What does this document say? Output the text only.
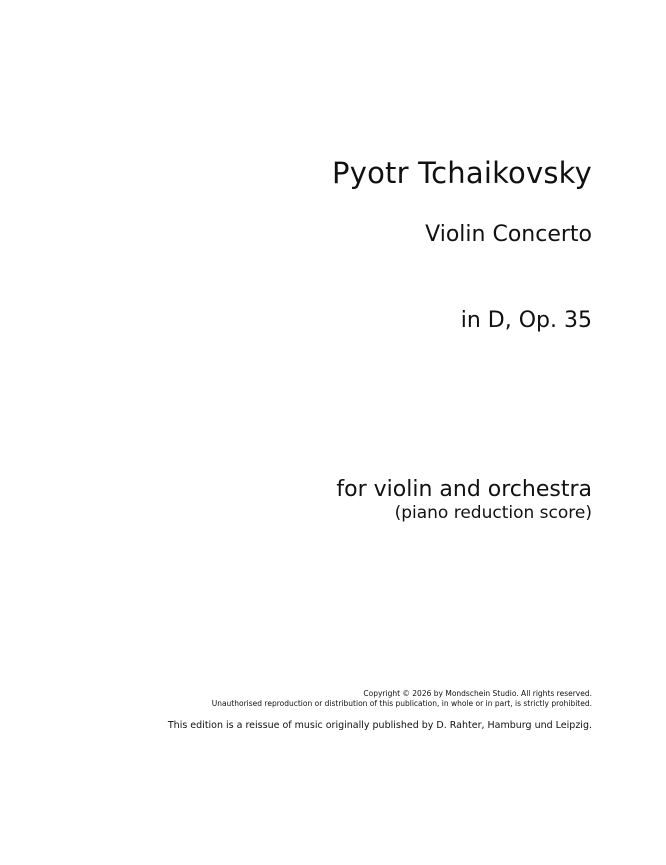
Pyotr Tchaikovsky
Violin Concerto
in D, Op. 35
for violin and orchestra
(piano reduction score)
Copyright © 2026 by Mondschein Studio. All rights reserved.
Unauthorised reproduction or distribution of this publication, in whole or in part, is strictly prohibited.
This edition is a reissue of music originally published by D. Rahter, Hamburg und Leipzig.
